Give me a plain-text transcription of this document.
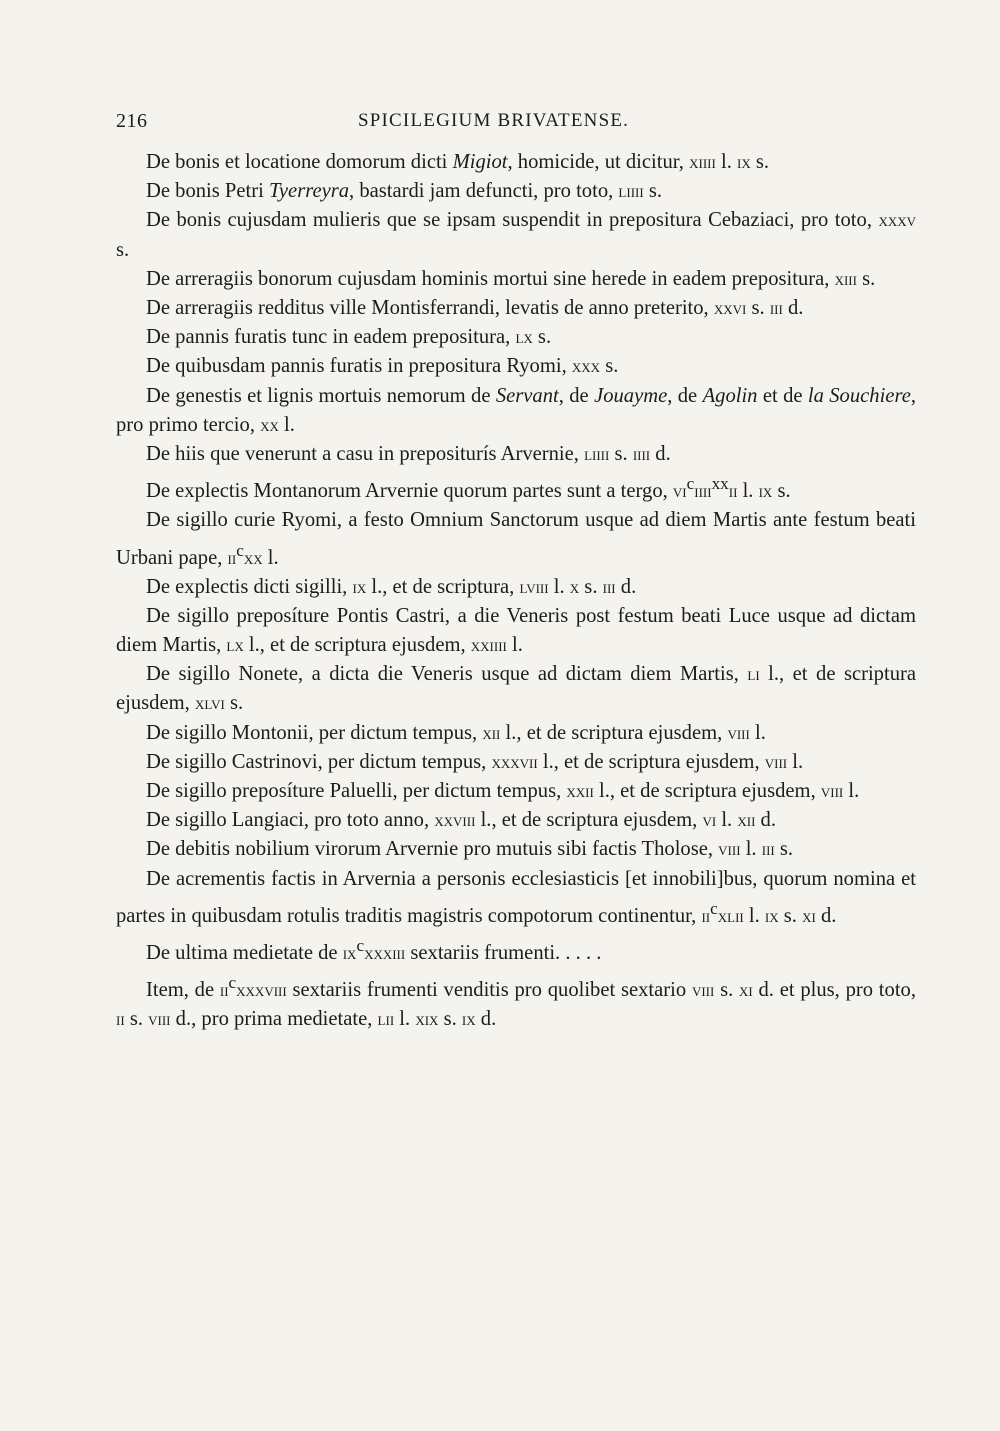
216	SPICILEGIUM BRIVATENSE.

De bonis et locatione domorum dicti Migiot, homicide, ut dicitur, xiiii l. ix s.

De bonis Petri Tyerreyra, bastardi jam defuncti, pro toto, liiii s.

De bonis cujusdam mulieris que se ipsam suspendit in prepositura Cebaziaci, pro toto, xxxv s.

De arreragiis bonorum cujusdam hominis mortui sine herede in eadem prepositura, xiii s.

De arreragiis redditus ville Montisferrandi, levatis de anno preterito, xxvi s. iii d.

De pannis furatis tunc in eadem prepositura, lx s.

De quibusdam pannis furatis in prepositura Ryomi, xxx s.

De genestis et lignis mortuis nemorum de Servant, de Jouayme, de Agolin et de la Souchiere, pro primo tercio, xx l.

De hiis que venerunt a casu in prepositurís Arvernie, liiii s. iiii d.

De explectis Montanorum Arvernie quorum partes sunt a tergo, $vi^ciiii^{xx}ii$ l. ix s.

De sigillo curie Ryomi, a festo Omnium Sanctorum usque ad diem Martis ante festum beati Urbani pape, $ii^cxx$ l.

De explectis dicti sigilli, ix l., et de scriptura, lviii l. x s. iii d.

De sigillo preposíture Pontis Castri, a die Veneris post festum beati Luce usque ad dictam diem Martis, lx l., et de scriptura ejusdem, xxiiii l.

De sigillo Nonete, a dicta die Veneris usque ad dictam diem Martis, li l., et de scriptura ejusdem, xlvi s.

De sigillo Montonii, per dictum tempus, xii l., et de scriptura ejusdem, viii l.

De sigillo Castrinovi, per dictum tempus, xxxvii l., et de scriptura ejusdem, viii l.

De sigillo preposíture Paluelli, per dictum tempus, xxii l., et de scriptura ejusdem, viii l.

De sigillo Langiaci, pro toto anno, xxviii l., et de scriptura ejusdem, vi l. xii d.

De debitis nobilium virorum Arvernie pro mutuis sibi factis Tholose, viii l. iii s.

De acrementis factis in Arvernia a personis ecclesiasticis [et innobili]bus, quorum nomina et partes in quibusdam rotulis traditis magistris compotorum continentur, $ii^cxlii$ l. ix s. xi d.

De ultima medietate de $ix^cxxxiii$ sextariis frumenti. . . . .

Item, de $ii^cxxxviii$ sextariis frumenti venditis pro quolibet sextario viii s. xi d. et plus, pro toto, ii s. viii d., pro prima medietate, lii l. xix s. ix d.
